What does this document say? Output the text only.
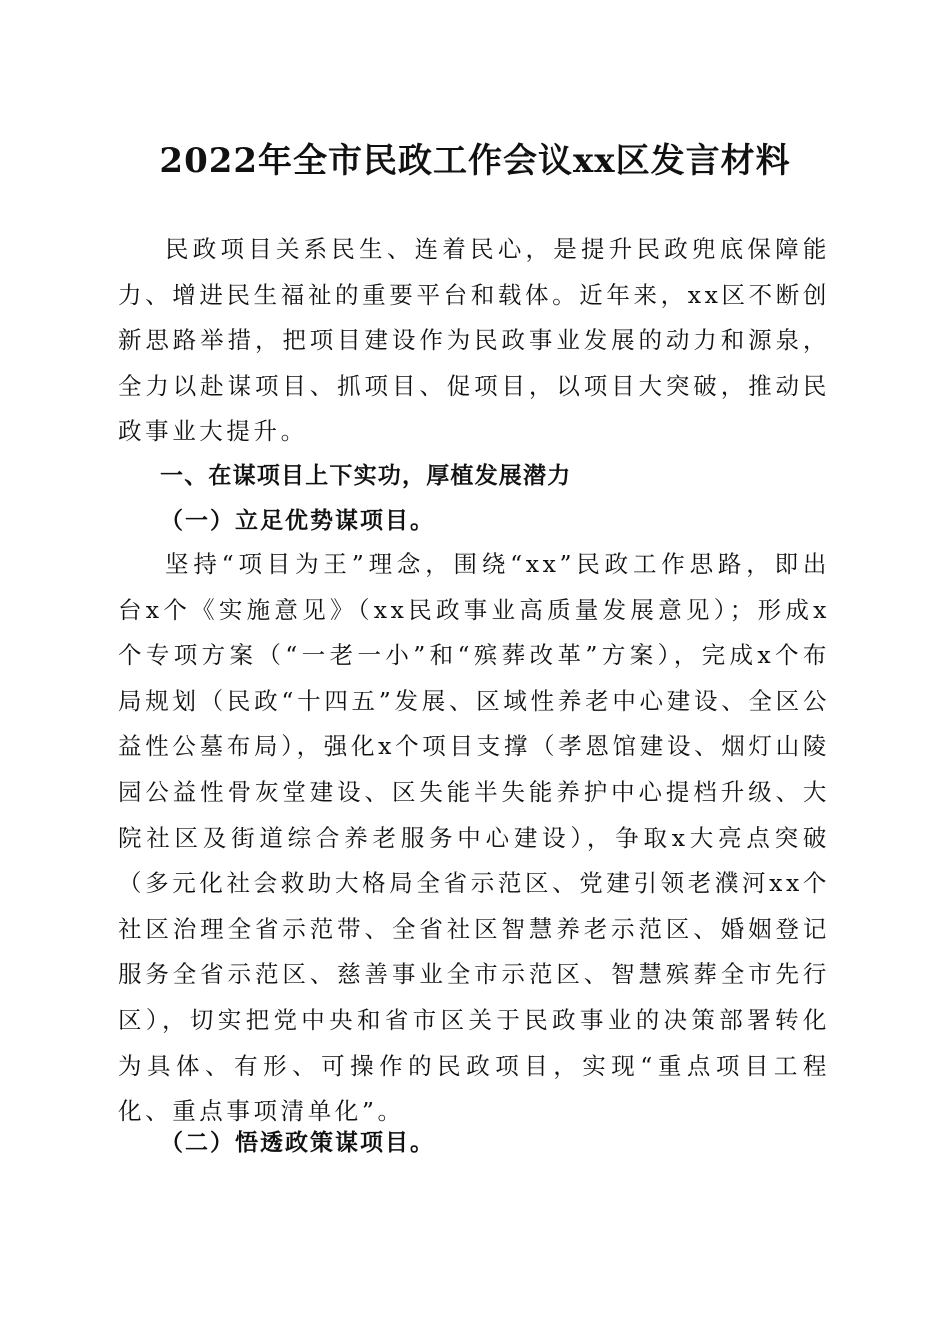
2022年全市民政工作会议xx区发言材料

民政项目关系民生、连着民心，是提升民政兜底保障能力、增进民生福祉的重要平台和载体。近年来，xx区不断创新思路举措，把项目建设作为民政事业发展的动力和源泉，全力以赴谋项目、抓项目、促项目，以项目大突破，推动民政事业大提升。

一、在谋项目上下实功，厚植发展潜力
（一）立足优势谋项目。

坚持“项目为王”理念，围绕“xx”民政工作思路，即出台x个《实施意见》（xx民政事业高质量发展意见）；形成x个专项方案（“一老一小”和“殡葬改革”方案），完成x个布局规划（民政“十四五”发展、区域性养老中心建设、全区公益性公墓布局），强化x个项目支撑（孝恩馆建设、烟灯山陵园公益性骨灰堂建设、区失能半失能养护中心提档升级、大院社区及街道综合养老服务中心建设），争取x大亮点突破（多元化社会救助大格局全省示范区、党建引领老濮河xx个社区治理全省示范带、全省社区智慧养老示范区、婚姻登记服务全省示范区、慈善事业全市示范区、智慧殡葬全市先行区），切实把党中央和省市区关于民政事业的决策部署转化为具体、有形、可操作的民政项目，实现“重点项目工程化、重点事项清单化”。

（二）悟透政策谋项目。
